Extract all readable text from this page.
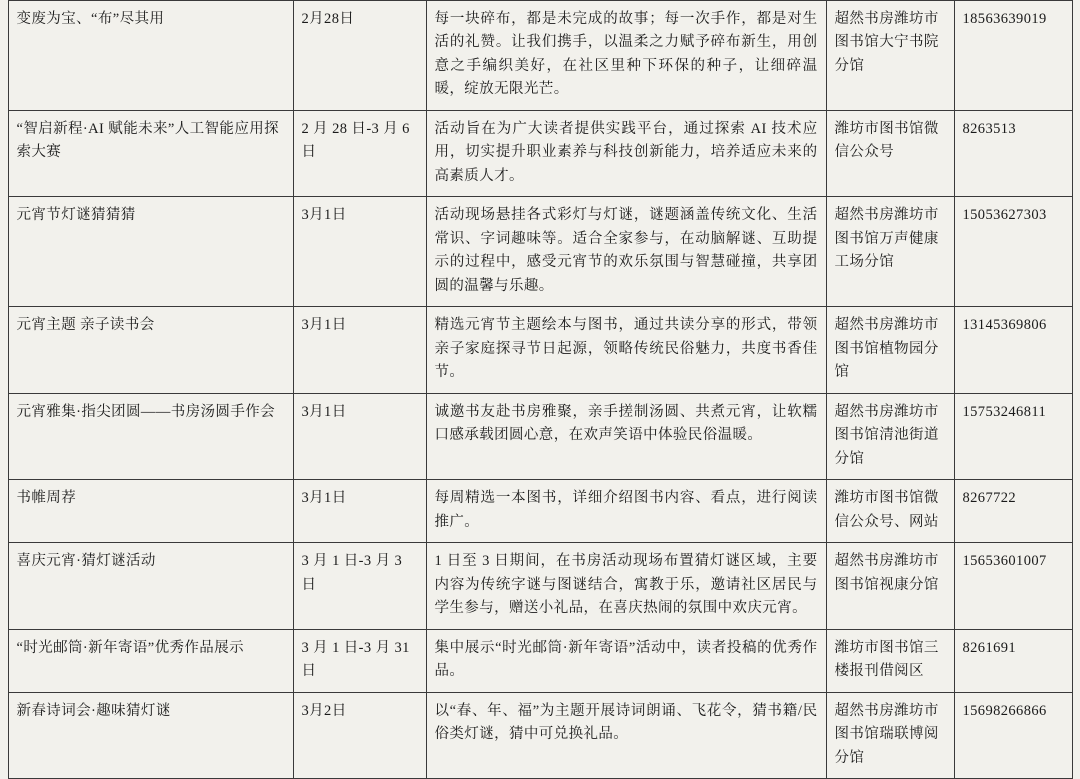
变废为宝、“布”尽其用	2月28日	每一块碎布，都是未完成的故事；每一次手作，都是对生活的礼赞。让我们携手，以温柔之力赋予碎布新生，用创意之手编织美好，在社区里种下环保的种子，让细碎温暖，绽放无限光芒。	超然书房潍坊市图书馆大宁书院分馆	18563639019
“智启新程·AI 赋能未来”人工智能应用探索大赛	2 月 28 日-3 月 6 日	活动旨在为广大读者提供实践平台，通过探索 AI 技术应用，切实提升职业素养与科技创新能力，培养适应未来的高素质人才。	潍坊市图书馆微信公众号	8263513
元宵节灯谜猜猜猜	3月1日	活动现场悬挂各式彩灯与灯谜，谜题涵盖传统文化、生活常识、字词趣味等。适合全家参与，在动脑解谜、互助提示的过程中，感受元宵节的欢乐氛围与智慧碰撞，共享团圆的温馨与乐趣。	超然书房潍坊市图书馆万声健康工场分馆	15053627303
元宵主题 亲子读书会	3月1日	精选元宵节主题绘本与图书，通过共读分享的形式，带领亲子家庭探寻节日起源，领略传统民俗魅力，共度书香佳节。	超然书房潍坊市图书馆植物园分馆	13145369806
元宵雅集·指尖团圆——书房汤圆手作会	3月1日	诚邀书友赴书房雅聚，亲手搓制汤圆、共煮元宵，让软糯口感承载团圆心意，在欢声笑语中体验民俗温暖。	超然书房潍坊市图书馆清池街道分馆	15753246811
书帷周荐	3月1日	每周精选一本图书，详细介绍图书内容、看点，进行阅读推广。	潍坊市图书馆微信公众号、网站	8267722
喜庆元宵·猜灯谜活动	3 月 1 日-3 月 3 日	1 日至 3 日期间，在书房活动现场布置猜灯谜区域，主要内容为传统字谜与图谜结合，寓教于乐，邀请社区居民与学生参与，赠送小礼品，在喜庆热闹的氛围中欢庆元宵。	超然书房潍坊市图书馆视康分馆	15653601007
“时光邮筒·新年寄语”优秀作品展示	3 月 1 日-3 月 31 日	集中展示“时光邮筒·新年寄语”活动中，读者投稿的优秀作品。	潍坊市图书馆三楼报刊借阅区	8261691
新春诗词会·趣味猜灯谜	3月2日	以“春、年、福”为主题开展诗词朗诵、飞花令，猜书籍/民俗类灯谜，猜中可兑换礼品。	超然书房潍坊市图书馆瑞联博阅分馆	15698266866
